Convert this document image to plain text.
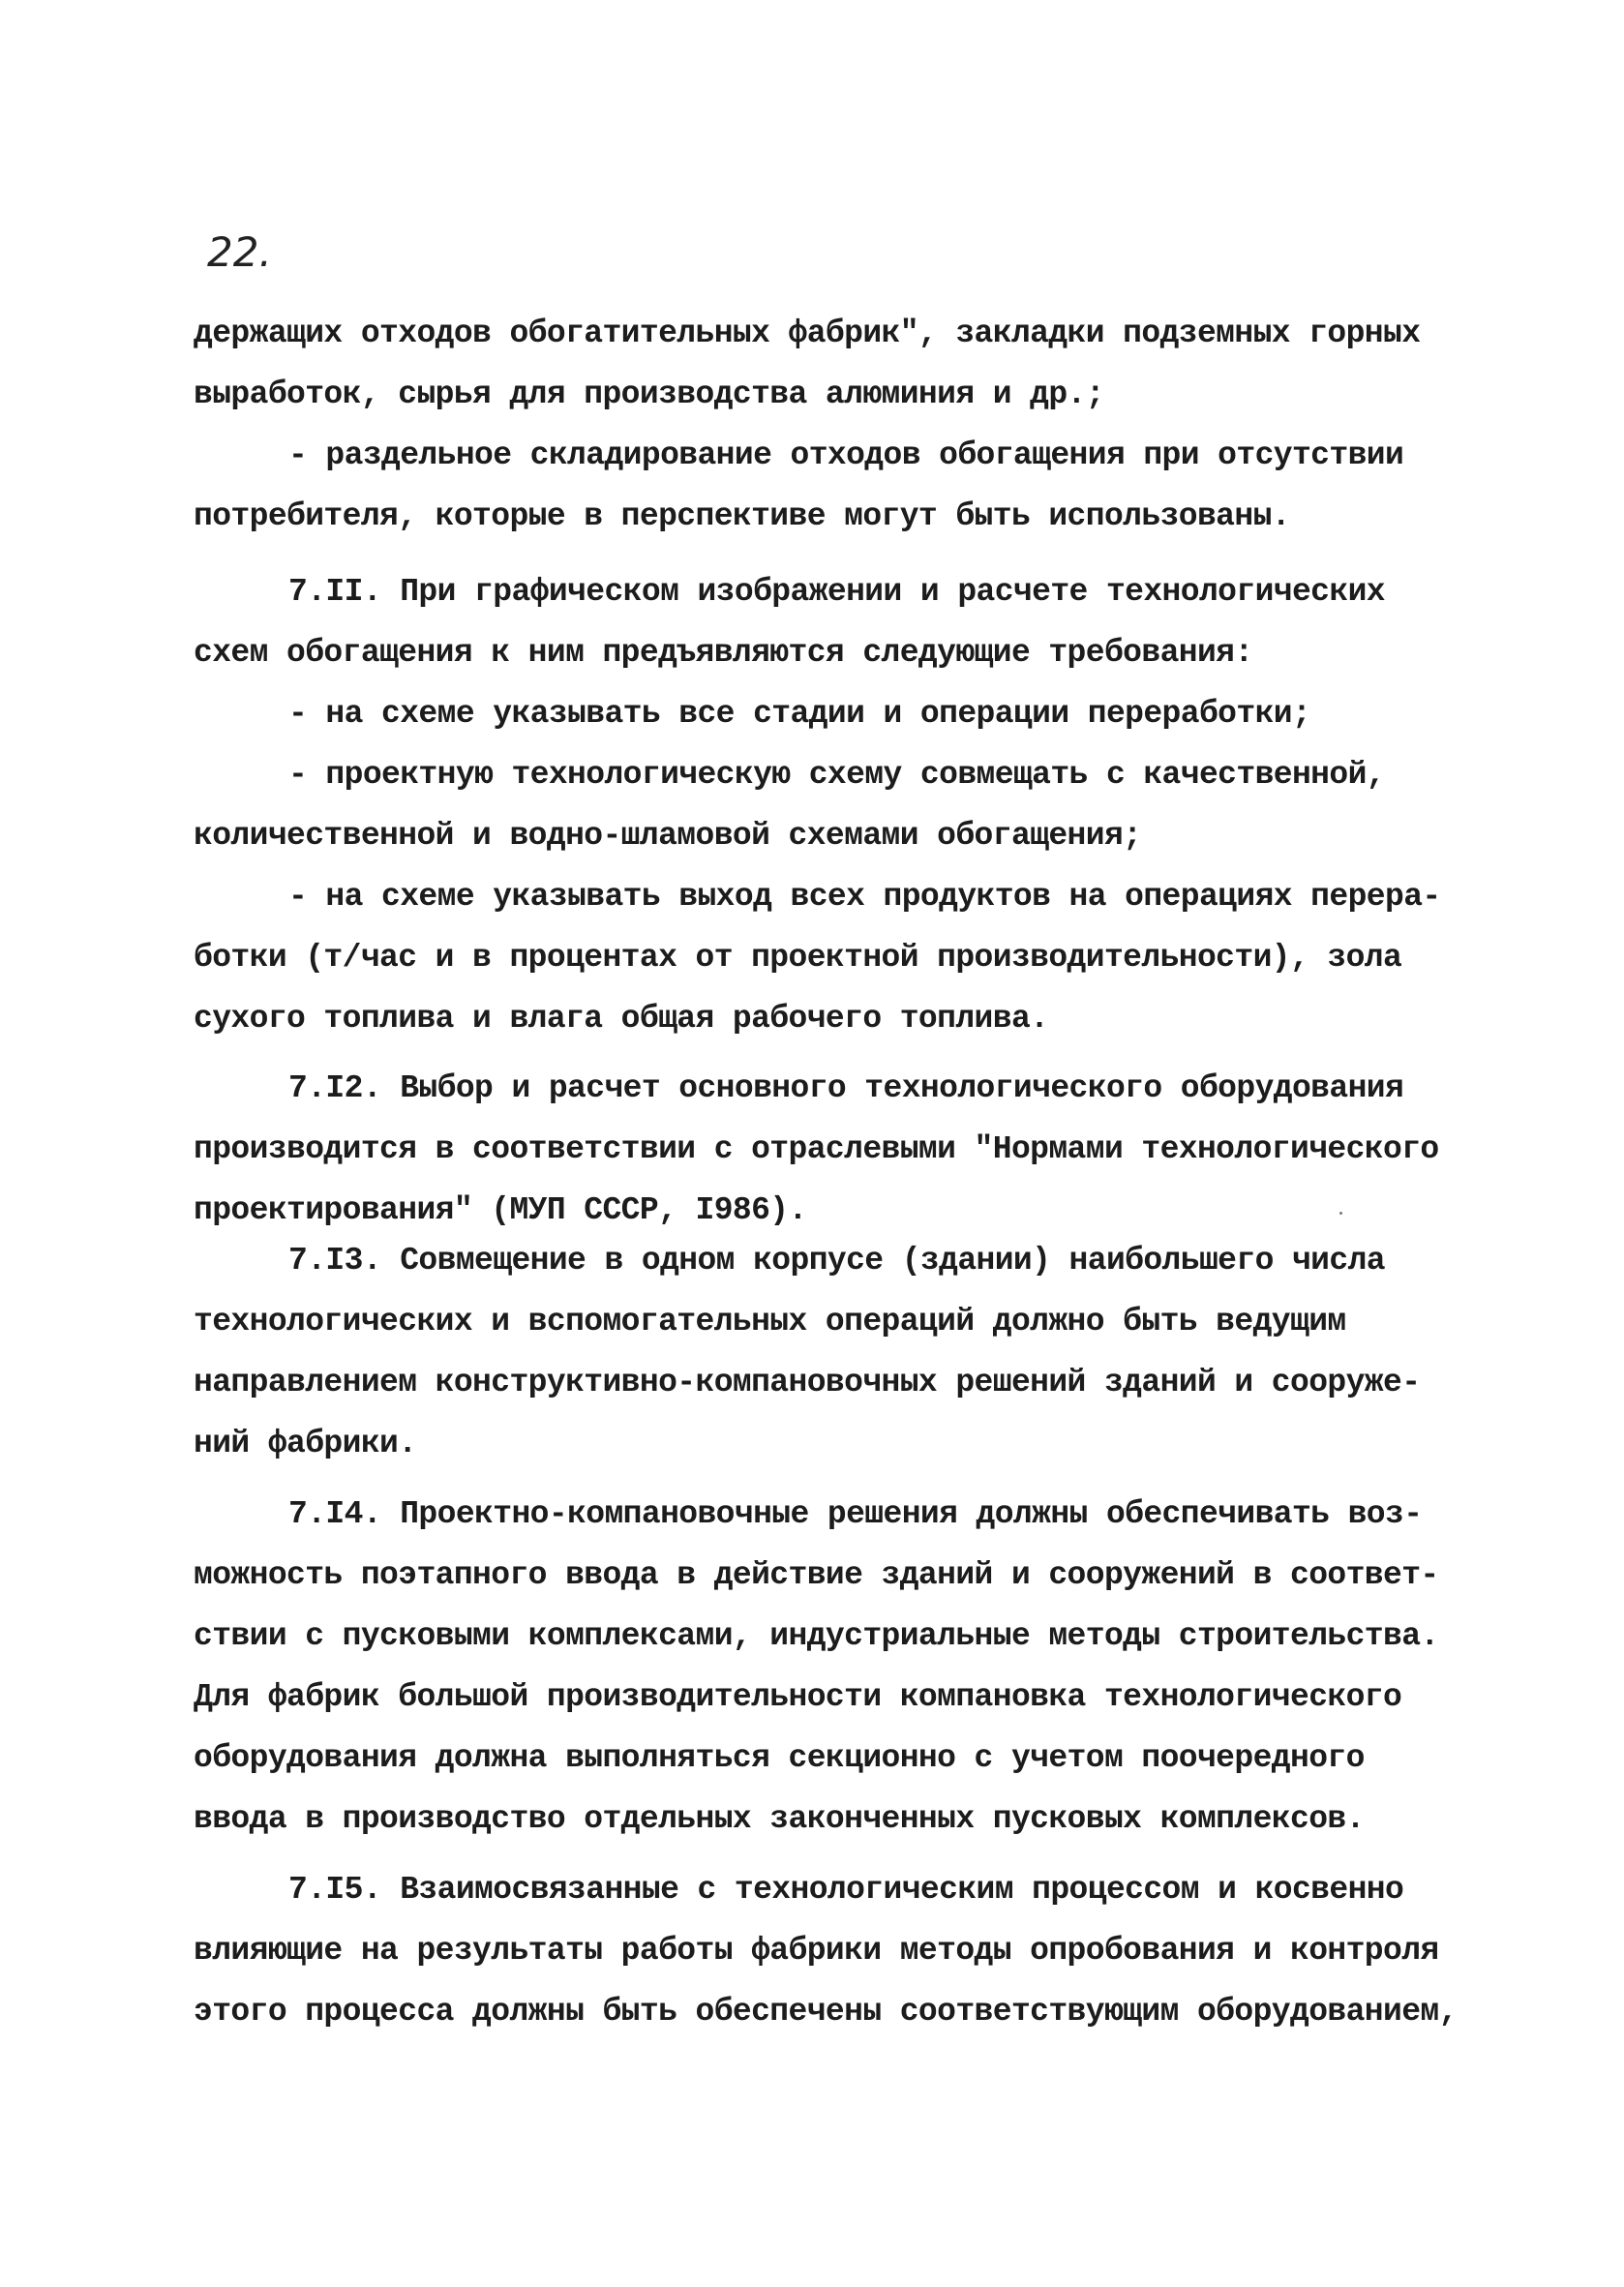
22.
держащих отходов обогатительных фабрик", закладки подземных горных
выработок, сырья для производства алюминия и др.;
- раздельное складирование отходов обогащения при отсутствии
потребителя, которые в перспективе могут быть использованы.
7.II. При графическом изображении и расчете технологических
схем обогащения к ним предъявляются следующие требования:
- на схеме указывать все стадии и операции переработки;
- проектную технологическую схему совмещать с качественной,
количественной и водно-шламовой схемами обогащения;
- на схеме указывать выход всех продуктов на операциях перера-
ботки (т/час и в процентах от проектной производительности), зола
сухого топлива и влага общая рабочего топлива.
7.I2. Выбор и расчет основного технологического оборудования
производится в соответствии с отраслевыми "Нормами технологического
проектирования" (МУП СССР, I986).
7.I3. Совмещение в одном корпусе (здании) наибольшего числа
технологических и вспомогательных операций должно быть ведущим
направлением конструктивно-компановочных решений зданий и сооруже-
ний фабрики.
7.I4. Проектно-компановочные решения должны обеспечивать воз-
можность поэтапного ввода в действие зданий и сооружений в соответ-
ствии с пусковыми комплексами, индустриальные методы строительства.
Для фабрик большой производительности компановка технологического
оборудования должна выполняться секционно с учетом поочередного
ввода в производство отдельных законченных пусковых комплексов.
7.I5. Взаимосвязанные с технологическим процессом и косвенно
влияющие на результаты работы фабрики методы опробования и контроля
этого процесса должны быть обеспечены соответствующим оборудованием,
